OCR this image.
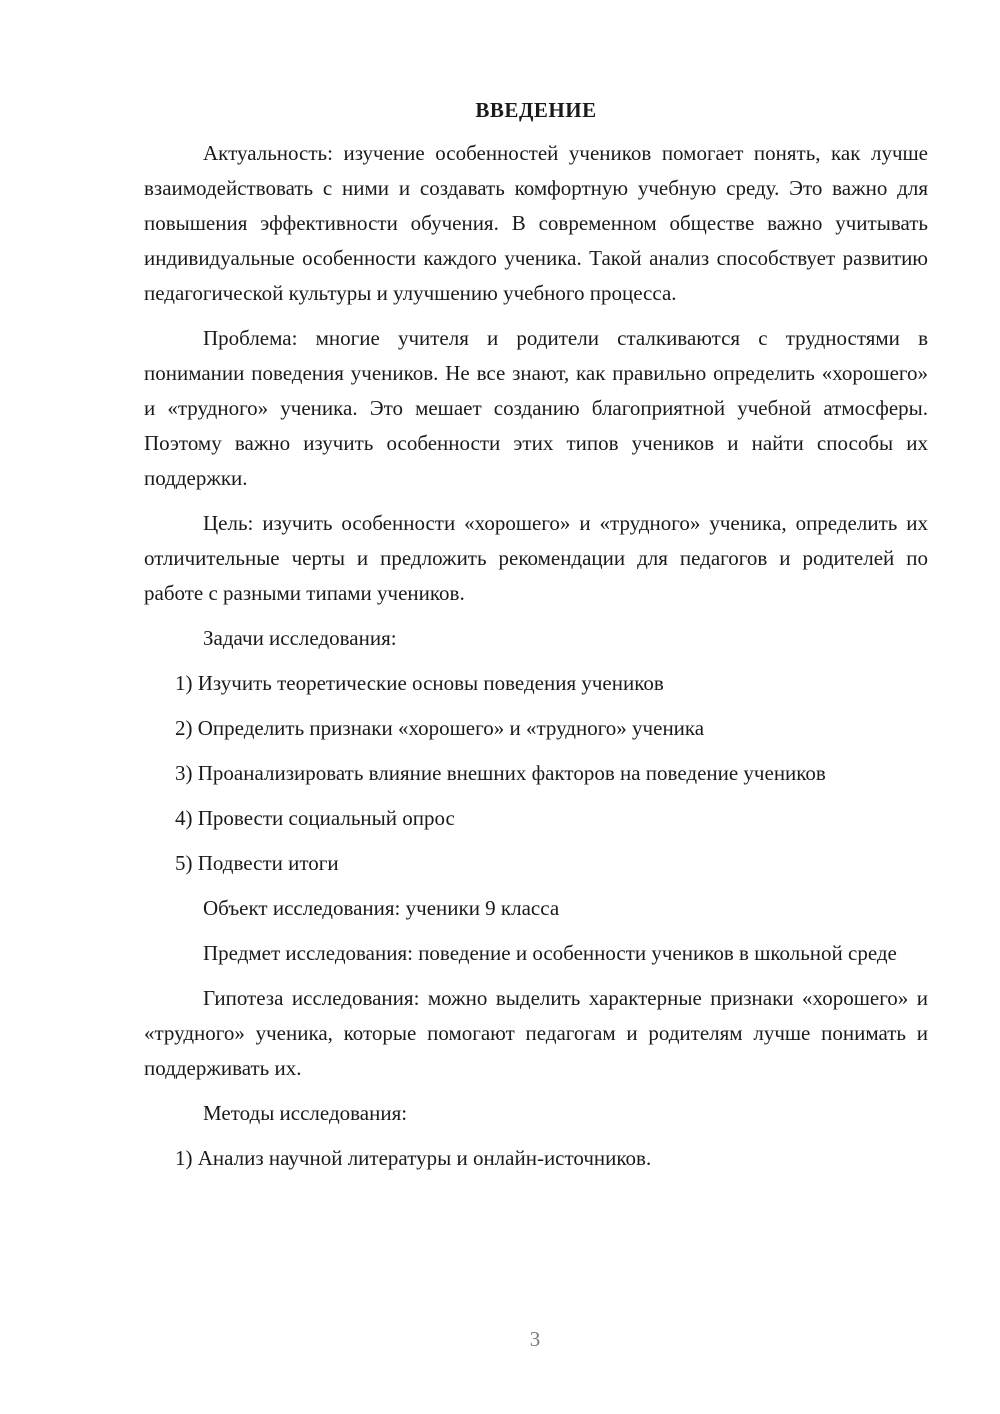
ВВЕДЕНИЕ

Актуальность: изучение особенностей учеников помогает понять, как лучше взаимодействовать с ними и создавать комфортную учебную среду. Это важно для повышения эффективности обучения. В современном обществе важно учитывать индивидуальные особенности каждого ученика. Такой анализ способствует развитию педагогической культуры и улучшению учебного процесса.

Проблема: многие учителя и родители сталкиваются с трудностями в понимании поведения учеников. Не все знают, как правильно определить «хорошего» и «трудного» ученика. Это мешает созданию благоприятной учебной атмосферы. Поэтому важно изучить особенности этих типов учеников и найти способы их поддержки.

Цель: изучить особенности «хорошего» и «трудного» ученика, определить их отличительные черты и предложить рекомендации для педагогов и родителей по работе с разными типами учеников.

Задачи исследования:

1) Изучить теоретические основы поведения учеников

2) Определить признаки «хорошего» и «трудного» ученика

3) Проанализировать влияние внешних факторов на поведение учеников

4) Провести социальный опрос

5) Подвести итоги

Объект исследования: ученики 9 класса

Предмет исследования: поведение и особенности учеников в школьной среде

Гипотеза исследования: можно выделить характерные признаки «хорошего» и «трудного» ученика, которые помогают педагогам и родителям лучше понимать и поддерживать их.

Методы исследования:

1) Анализ научной литературы и онлайн-источников.

3
